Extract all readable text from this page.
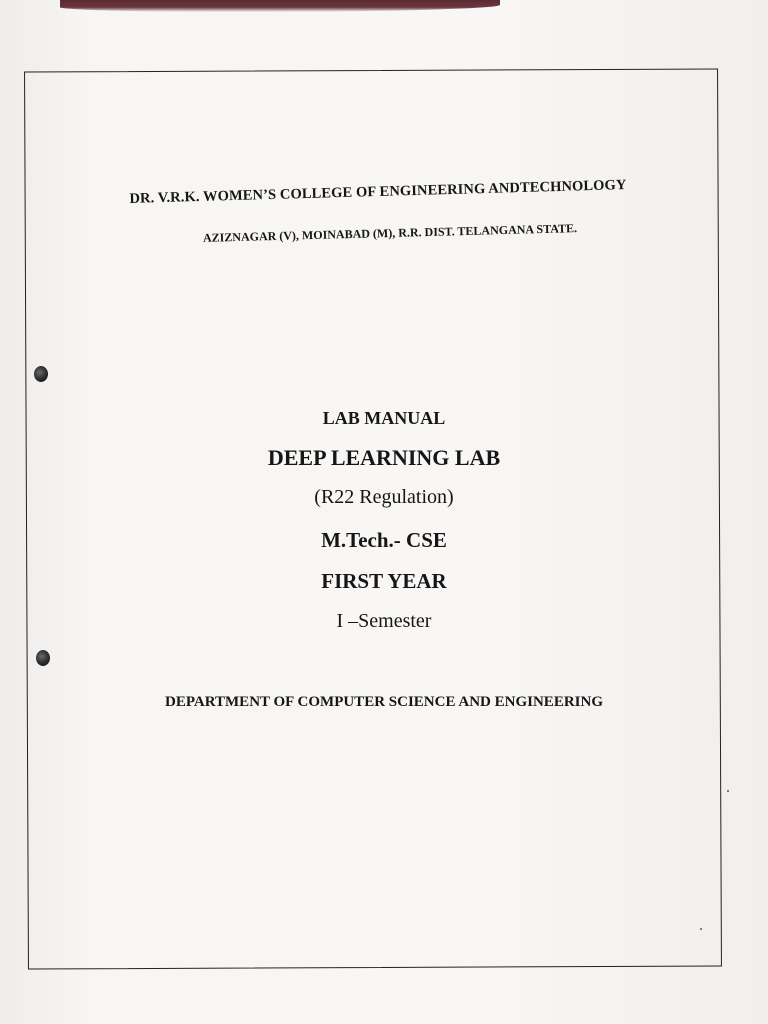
DR. V.R.K. WOMEN’S COLLEGE OF ENGINEERING ANDTECHNOLOGY

AZIZNAGAR (V), MOINABAD (M), R.R. DIST. TELANGANA STATE.

LAB MANUAL

DEEP LEARNING LAB

(R22 Regulation)

M.Tech.- CSE

FIRST YEAR

I –Semester

DEPARTMENT OF COMPUTER SCIENCE AND ENGINEERING
